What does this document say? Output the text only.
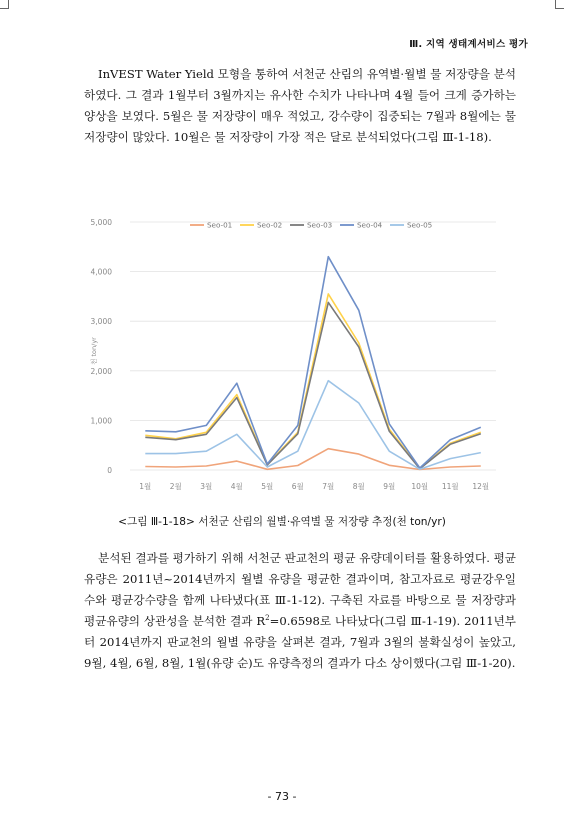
Ⅲ. 지역 생태계서비스 평가

InVEST Water Yield 모형을 통하여 서천군 산림의 유역별·월별 물 저장량을 분석하였다. 그 결과 1월부터 3월까지는 유사한 수치가 나타나며 4월 들어 크게 증가하는 양상을 보였다. 5월은 물 저장량이 매우 적었고, 강수량이 집중되는 7월과 8월에는 물 저장량이 많았다. 10월은 물 저장량이 가장 적은 달로 분석되었다(그림 Ⅲ-1-18).

0
1,000
2,000
3,000
4,000
5,000
1월 2월 3월 4월 5월 6월 7월 8월 9월 10월 11월 12월
Seo-01	Seo-02	Seo-03	Seo-04	Seo-05
천 ton/yr
<그림 Ⅲ-1-18> 서천군 산림의 월별·유역별 물 저장량 추정(천 ton/yr)

분석된 결과를 평가하기 위해 서천군 판교천의 평균 유량데이터를 활용하였다. 평균 유량은 2011년~2014년까지 월별 유량을 평균한 결과이며, 참고자료로 평균강우일수와 평균강수량을 함께 나타냈다(표 Ⅲ-1-12). 구축된 자료를 바탕으로 물 저장량과 평균유량의 상관성을 분석한 결과 $R^2=0.6598$로 나타났다(그림 Ⅲ-1-19). 2011년부터 2014년까지 판교천의 월별 유량을 살펴본 결과, 7월과 3월의 불확실성이 높았고, 9월, 4월, 6월, 8월, 1월(유량 순)도 유량측정의 결과가 다소 상이했다(그림 Ⅲ-1-20).

- 73 -
